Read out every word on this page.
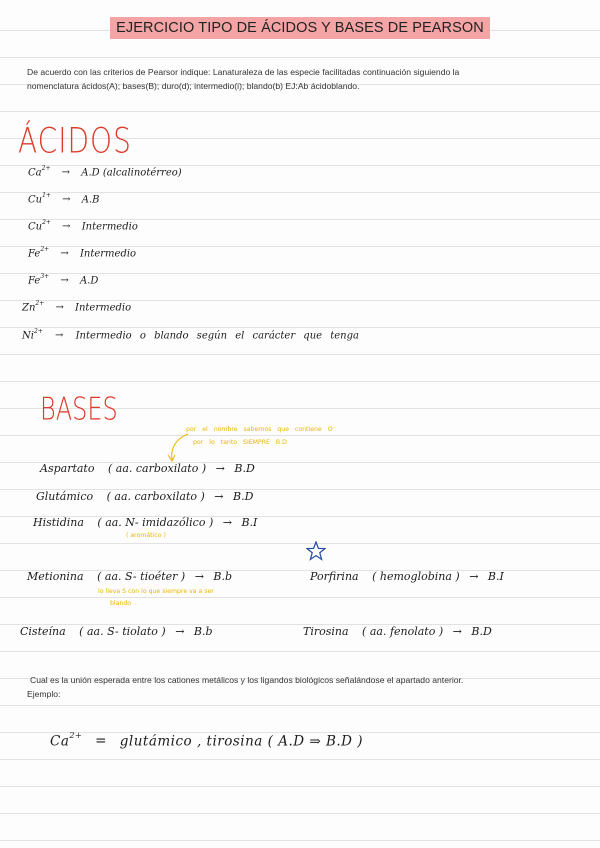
EJERCICIO TIPO DE ÁCIDOS Y BASES DE PEARSON

De acuerdo con las criterios de Pearsor indique: Lanaturaleza de las especie facilitadas continuación siguiendo la

nomenclatura ácidos(A); bases(B); duro(d); intermedio(i); blando(b) EJ:Ab ácidoblando.

ÁCIDOS
$Ca^{2+} \to A.D$ (alcalinotérreo)
$Cu^{1+} \to A.B$
$Cu^{2+}$ → Intermedio
$Fe^{2+}$ → Intermedio
$Fe^{3+} \to A.D$
$Zn^{2+}$ → Intermedio
$Ni^{2+}$ → Intermedio o blando según el carácter que tenga
BASES
por el nombre sabemos que contiene O⁻
por lo tanto SIEMPRE B.D
Aspartato ( aa. carboxilato ) → B.D
Glutámico ( aa. carboxilato ) → B.D
Histidina ( aa. N- imidazólico ) → B.I
( aromático )
Metionina ( aa. S- tioéter ) → B.b
lo lleva S con lo que siempre va a ser
blando
Cisteína ( aa. S- tiolato ) → B.b
Porfirina ( hemoglobina ) → B.I
Tirosina ( aa. fenolato ) → B.D

Cual es la unión esperada entre los cationes metálicos y los ligandos biológicos señalándose el apartado anterior.

Ejemplo:

$Ca^{2+}$ = glutámico , tirosina ( A.D ⇒ B.D )
